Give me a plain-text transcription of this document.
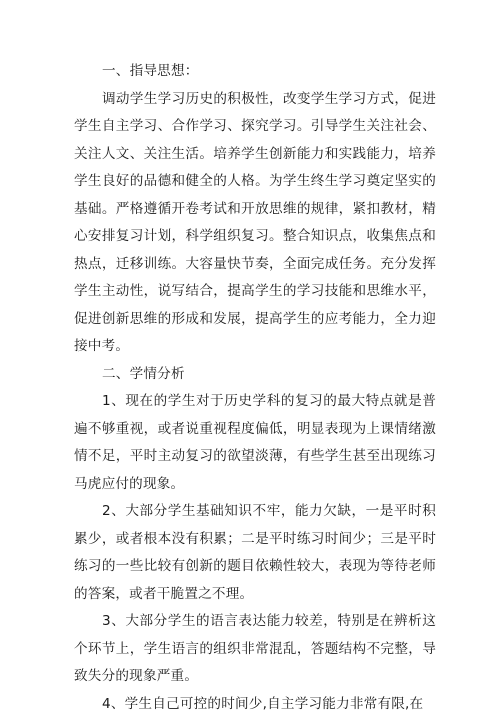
一、指导思想：
调动学生学习历史的积极性，改变学生学习方式，促进
学生自主学习、合作学习、探究学习。引导学生关注社会、
关注人文、关注生活。培养学生创新能力和实践能力，培养
学生良好的品德和健全的人格。为学生终生学习奠定坚实的
基础。严格遵循开卷考试和开放思维的规律，紧扣教材，精
心安排复习计划，科学组织复习。整合知识点，收集焦点和
热点，迁移训练。大容量快节奏，全面完成任务。充分发挥
学生主动性，说写结合，提高学生的学习技能和思维水平，
促进创新思维的形成和发展，提高学生的应考能力，全力迎
接中考。
二、学情分析
1、现在的学生对于历史学科的复习的最大特点就是普
遍不够重视，或者说重视程度偏低，明显表现为上课情绪激
情不足，平时主动复习的欲望淡薄，有些学生甚至出现练习
马虎应付的现象。
2、大部分学生基础知识不牢，能力欠缺，一是平时积
累少，或者根本没有积累；二是平时练习时间少；三是平时
练习的一些比较有创新的题目依赖性较大，表现为等待老师
的答案，或者干脆置之不理。
3、大部分学生的语言表达能力较差，特别是在辨析这
个环节上，学生语言的组织非常混乱，答题结构不完整，导
致失分的现象严重。
4、学生自己可控的时间少,自主学习能力非常有限,在
